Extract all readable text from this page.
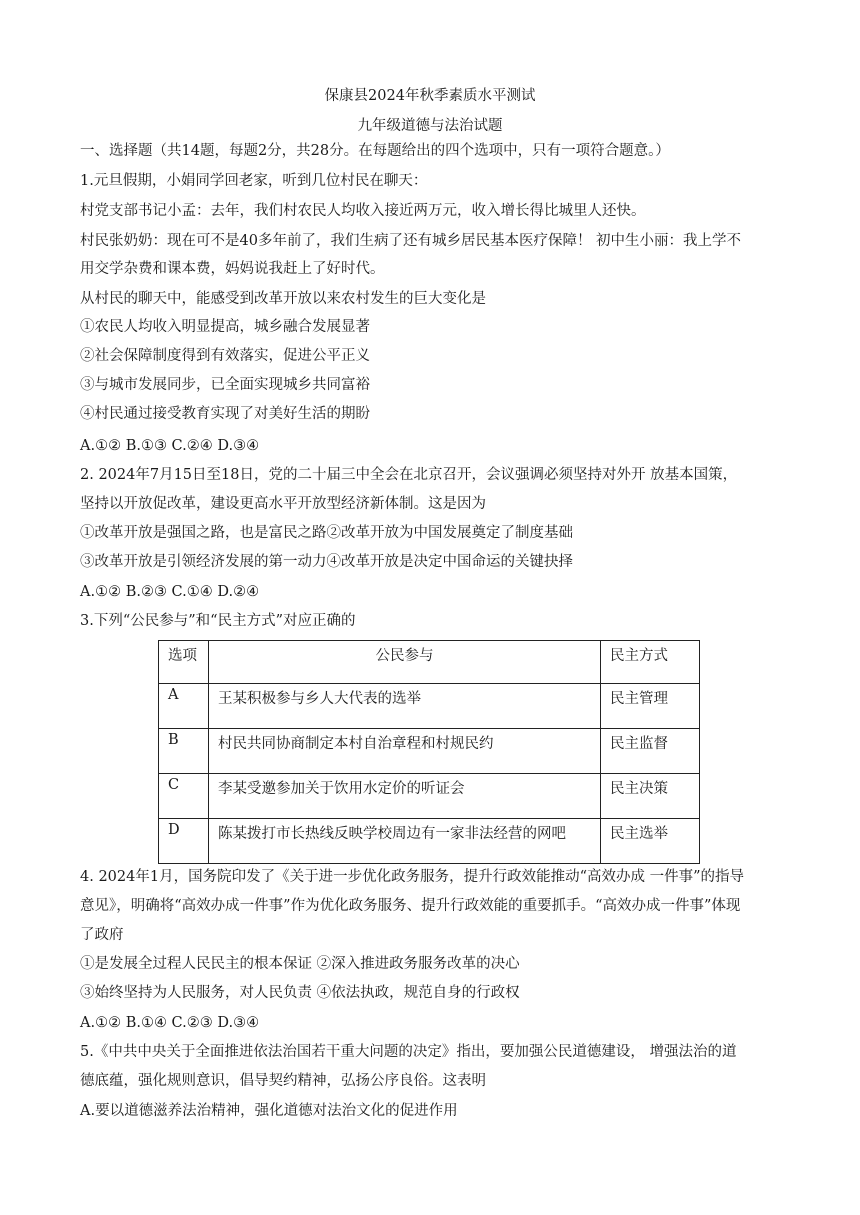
保康县2024年秋季素质水平测试
九年级道德与法治试题
一、选择题（共14题，每题2分，共28分。在每题给出的四个选项中，只有一项符合题意。）
1.元旦假期，小娟同学回老家，听到几位村民在聊天：
村党支部书记小孟：去年，我们村农民人均收入接近两万元，收入增长得比城里人还快。
村民张奶奶：现在可不是40多年前了，我们生病了还有城乡居民基本医疗保障！ 初中生小丽：我上学不
用交学杂费和课本费，妈妈说我赶上了好时代。
从村民的聊天中，能感受到改革开放以来农村发生的巨大变化是
①农民人均收入明显提高，城乡融合发展显著
②社会保障制度得到有效落实，促进公平正义
③与城市发展同步，已全面实现城乡共同富裕
④村民通过接受教育实现了对美好生活的期盼
A.①② B.①③ C.②④ D.③④
2. 2024年7月15日至18日，党的二十届三中全会在北京召开，会议强调必须坚持对外开 放基本国策，
坚持以开放促改革，建设更高水平开放型经济新体制。这是因为
①改革开放是强国之路，也是富民之路②改革开放为中国发展奠定了制度基础
③改革开放是引领经济发展的第一动力④改革开放是决定中国命运的关键抉择
A.①② B.②③ C.①④ D.②④
3.下列“公民参与”和“民主方式”对应正确的
选项	公民参与	民主方式
A	王某积极参与乡人大代表的选举	民主管理
B	村民共同协商制定本村自治章程和村规民约	民主监督
C	李某受邀参加关于饮用水定价的听证会	民主决策
D	陈某拨打市长热线反映学校周边有一家非法经营的网吧	民主选举
4. 2024年1月，国务院印发了《关于进一步优化政务服务，提升行政效能推动“高效办成 一件事”的指导
意见》，明确将“高效办成一件事”作为优化政务服务、提升行政效能的重要抓手。“高效办成一件事”体现
了政府
①是发展全过程人民民主的根本保证 ②深入推进政务服务改革的决心
③始终坚持为人民服务，对人民负责 ④依法执政，规范自身的行政权
A.①② B.①④ C.②③ D.③④
5.《中共中央关于全面推进依法治国若干重大问题的决定》指出，要加强公民道德建设， 增强法治的道
德底蕴，强化规则意识，倡导契约精神，弘扬公序良俗。这表明
A.要以道德滋养法治精神，强化道德对法治文化的促进作用
